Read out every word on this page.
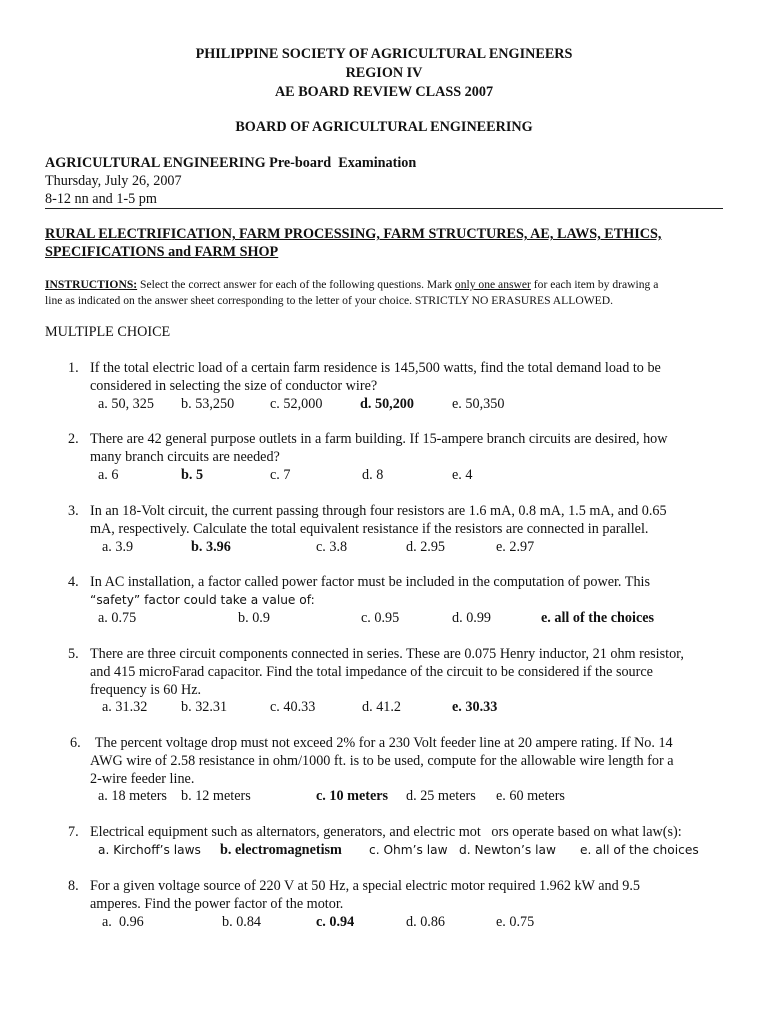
PHILIPPINE SOCIETY OF AGRICULTURAL ENGINEERS
REGION IV
AE BOARD REVIEW CLASS 2007
BOARD OF AGRICULTURAL ENGINEERING
AGRICULTURAL ENGINEERING Pre-board  Examination
Thursday, July 26, 2007
8-12 nn and 1-5 pm
RURAL ELECTRIFICATION, FARM PROCESSING, FARM STRUCTURES, AE, LAWS, ETHICS,
SPECIFICATIONS and FARM SHOP
INSTRUCTIONS: Select the correct answer for each of the following questions. Mark only one answer for each item by drawing a
line as indicated on the answer sheet corresponding to the letter of your choice. STRICTLY NO ERASURES ALLOWED.
MULTIPLE CHOICE
1. If the total electric load of a certain farm residence is 145,500 watts, find the total demand load to be
considered in selecting the size of conductor wire?
a. 50, 325 b. 53,250	c. 52,000	d. 50,200	e. 50,350
2. There are 42 general purpose outlets in a farm building. If 15-ampere branch circuits are desired, how
many branch circuits are needed?
a. 6	b. 5	c. 7	d. 8	e. 4
3. In an 18-Volt circuit, the current passing through four resistors are 1.6 mA, 0.8 mA, 1.5 mA, and 0.65
mA, respectively. Calculate the total equivalent resistance if the resistors are connected in parallel.
a. 3.9	b. 3.96	c. 3.8	d. 2.95	e. 2.97
4. In AC installation, a factor called power factor must be included in the computation of power. This
“safety” factor could take a value of:
a. 0.75	b. 0.9	c. 0.95	d. 0.99	e. all of the choices
5. There are three circuit components connected in series. These are 0.075 Henry inductor, 21 ohm resistor,
and 415 microFarad capacitor. Find the total impedance of the circuit to be considered if the source
frequency is 60 Hz.
a. 31.32 b. 32.31	c. 40.33	d. 41.2	e. 30.33
6. The percent voltage drop must not exceed 2% for a 230 Volt feeder line at 20 ampere rating. If No. 14
AWG wire of 2.58 resistance in ohm/1000 ft. is to be used, compute for the allowable wire length for a
2-wire feeder line.
a. 18 meters b. 12 meters	c. 10 meters d. 25 meters e. 60 meters
7. Electrical equipment such as alternators, generators, and electric mot   ors operate based on what law(s):
a. Kirchoff’s laws b. electromagnetism c. Ohm’s law d. Newton’s law e. all of the choices
8. For a given voltage source of 220 V at 50 Hz, a special electric motor required 1.962 kW and 9.5
amperes. Find the power factor of the motor.
a.  0.96	b. 0.84	c. 0.94	d. 0.86	e. 0.75
